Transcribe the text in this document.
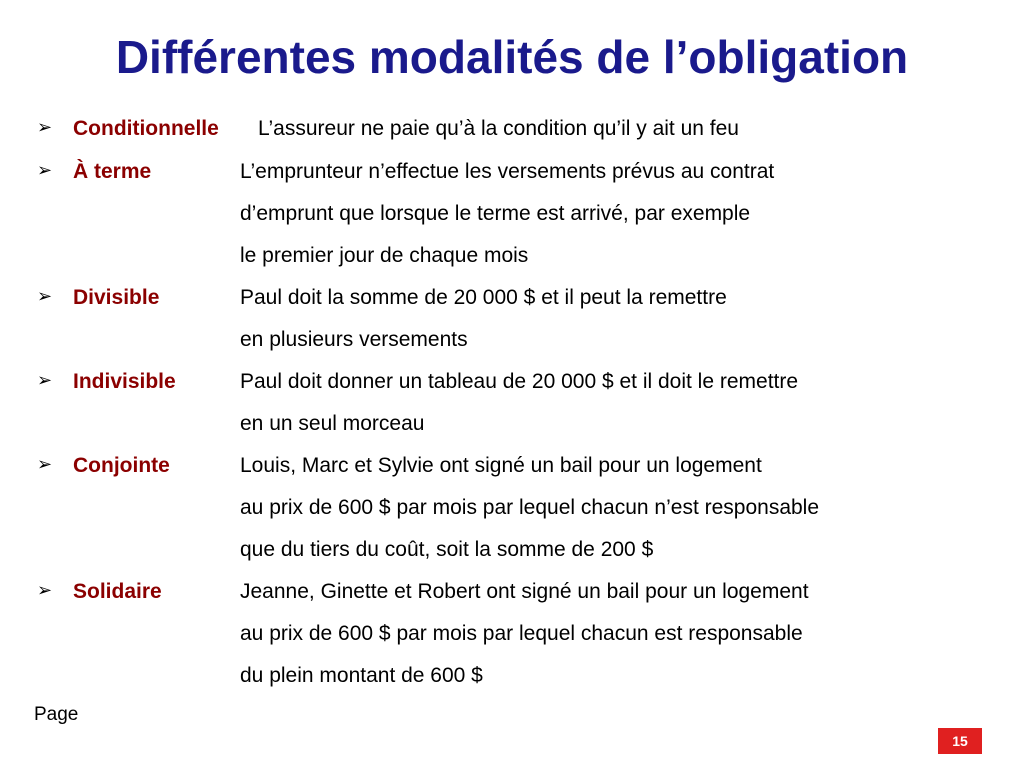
Différentes modalités de l’obligation
➢ Conditionnelle L’assureur ne paie qu’à la condition qu’il y ait un feu
➢ À terme	L’emprunteur n’effectue les versements prévus au contrat
d’emprunt que lorsque le terme est arrivé, par exemple
le premier jour de chaque mois
➢ Divisible	Paul doit la somme de 20 000 $ et il peut la remettre
en plusieurs versements
➢ Indivisible	Paul doit donner un tableau de 20 000 $ et il doit le remettre
en un seul morceau
➢ Conjointe	Louis, Marc et Sylvie ont signé un bail pour un logement
au prix de 600 $ par mois par lequel chacun n’est responsable
que du tiers du coût, soit la somme de 200 $
➢ Solidaire	Jeanne, Ginette et Robert ont signé un bail pour un logement
au prix de 600 $ par mois par lequel chacun est responsable
du plein montant de 600 $
Page
15
